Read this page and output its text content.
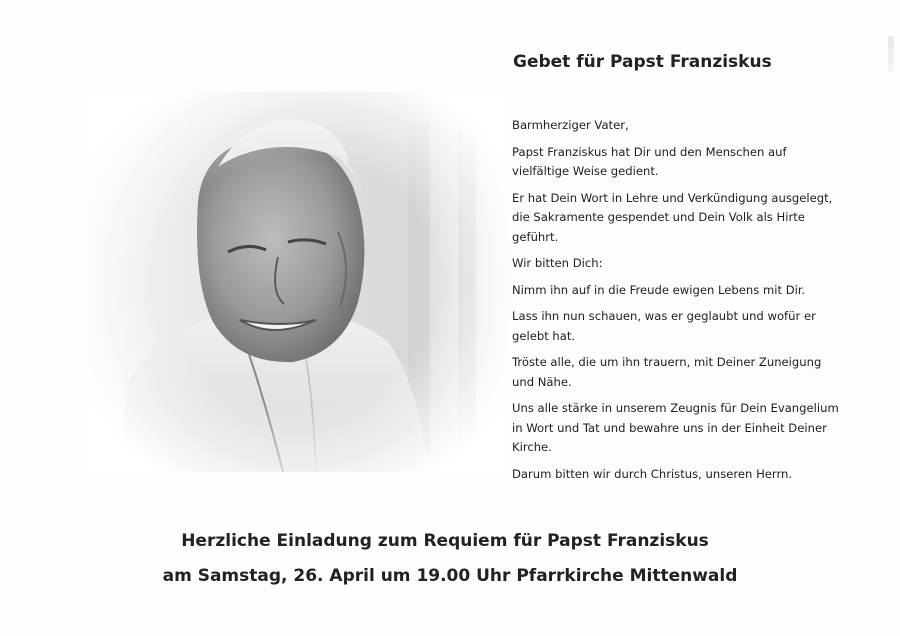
Gebet für Papst Franziskus

Barmherziger Vater,

Papst Franziskus hat Dir und den Menschen auf vielfältige Weise gedient.

Er hat Dein Wort in Lehre und Verkündigung ausgelegt, die Sakramente gespendet und Dein Volk als Hirte geführt.

Wir bitten Dich:

Nimm ihn auf in die Freude ewigen Lebens mit Dir.

Lass ihn nun schauen, was er geglaubt und wofür er gelebt hat.

Tröste alle, die um ihn trauern, mit Deiner Zuneigung und Nähe.

Uns alle stärke in unserem Zeugnis für Dein Evangelium in Wort und Tat und bewahre uns in der Einheit Deiner Kirche.

Darum bitten wir durch Christus, unseren Herrn.

Herzliche Einladung zum Requiem für Papst Franziskus
am Samstag, 26. April um 19.00 Uhr Pfarrkirche Mittenwald
